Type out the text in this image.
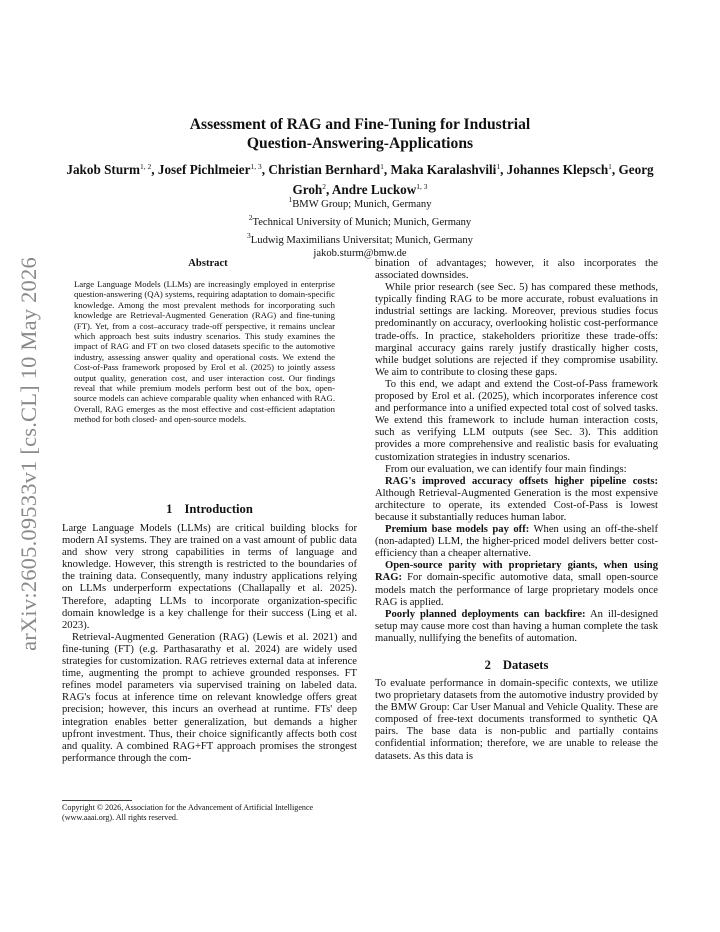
arXiv:2605.09533v1 [cs.CL] 10 May 2026
Assessment of RAG and Fine-Tuning for Industrial
Question-Answering-Applications
Jakob Sturm$^{1, 2}$, Josef Pichlmeier$^{1, 3}$, Christian Bernhard$^1$, Maka Karalashvili$^1$, Johannes Klepsch$^1$, Georg Groh$^2$, Andre Luckow$^{1, 3}$
$^1$BMW Group; Munich, Germany
$^2$Technical University of Munich; Munich, Germany
$^3$Ludwig Maximilians Universitat; Munich, Germany
jakob.sturm@bmw.de
Abstract
Large Language Models (LLMs) are increasingly employed in enterprise question-answering (QA) systems, requiring adaptation to domain-specific knowledge. Among the most prevalent methods for incorporating such knowledge are Retrieval-Augmented Generation (RAG) and fine-tuning (FT). Yet, from a cost–accuracy trade-off perspective, it remains unclear which approach best suits industry scenarios. This study examines the impact of RAG and FT on two closed datasets specific to the automotive industry, assessing answer quality and operational costs. We extend the Cost-of-Pass framework proposed by Erol et al. (2025) to jointly assess output quality, generation cost, and user interaction cost. Our findings reveal that while premium models perform best out of the box, open-source models can achieve comparable quality when enhanced with RAG. Overall, RAG emerges as the most effective and cost-efficient adaptation method for both closed- and open-source models.
1 Introduction

Large Language Models (LLMs) are critical building blocks for modern AI systems. They are trained on a vast amount of public data and show very strong capabilities in terms of language and knowledge. However, this strength is restricted to the boundaries of the training data. Consequently, many industry applications relying on LLMs underperform expectations (Challapally et al. 2025). Therefore, adapting LLMs to incorporate organization-specific domain knowledge is a key challenge for their success (Ling et al. 2023).

Retrieval-Augmented Generation (RAG) (Lewis et al. 2021) and fine-tuning (FT) (e.g. Parthasarathy et al. 2024) are widely used strategies for customization. RAG retrieves external data at inference time, augmenting the prompt to achieve grounded responses. FT refines model parameters via supervised training on labeled data. RAG's focus at inference time on relevant knowledge offers great precision; however, this incurs an overhead at runtime. FTs' deep integration enables better generalization, but demands a higher upfront investment. Thus, their choice significantly affects both cost and quality. A combined RAG+FT approach promises the strongest performance through the com-

Copyright © 2026, Association for the Advancement of Artificial Intelligence (www.aaai.org). All rights reserved.

bination of advantages; however, it also incorporates the associated downsides.

While prior research (see Sec. 5) has compared these methods, typically finding RAG to be more accurate, robust evaluations in industrial settings are lacking. Moreover, previous studies focus predominantly on accuracy, overlooking holistic cost-performance trade-offs. In practice, stakeholders prioritize these trade-offs: marginal accuracy gains rarely justify drastically higher costs, while budget solutions are rejected if they compromise usability. We aim to contribute to closing these gaps.

To this end, we adapt and extend the Cost-of-Pass framework proposed by Erol et al. (2025), which incorporates inference cost and performance into a unified expected total cost of solved tasks. We extend this framework to include human interaction costs, such as verifying LLM outputs (see Sec. 3). This addition provides a more comprehensive and realistic basis for evaluating customization strategies in industry scenarios.

From our evaluation, we can identify four main findings:

RAG's improved accuracy offsets higher pipeline costs: Although Retrieval-Augmented Generation is the most expensive architecture to operate, its extended Cost-of-Pass is lowest because it substantially reduces human labor.

Premium base models pay off: When using an off-the-shelf (non-adapted) LLM, the higher-priced model delivers better cost-efficiency than a cheaper alternative.

Open-source parity with proprietary giants, when using RAG: For domain-specific automotive data, small open-source models match the performance of large proprietary models once RAG is applied.

Poorly planned deployments can backfire: An ill-designed setup may cause more cost than having a human complete the task manually, nullifying the benefits of automation.

2 Datasets

To evaluate performance in domain-specific contexts, we utilize two proprietary datasets from the automotive industry provided by the BMW Group: Car User Manual and Vehicle Quality. These are composed of free-text documents transformed to synthetic QA pairs. The base data is non-public and partially contains confidential information; therefore, we are unable to release the datasets. As this data is
